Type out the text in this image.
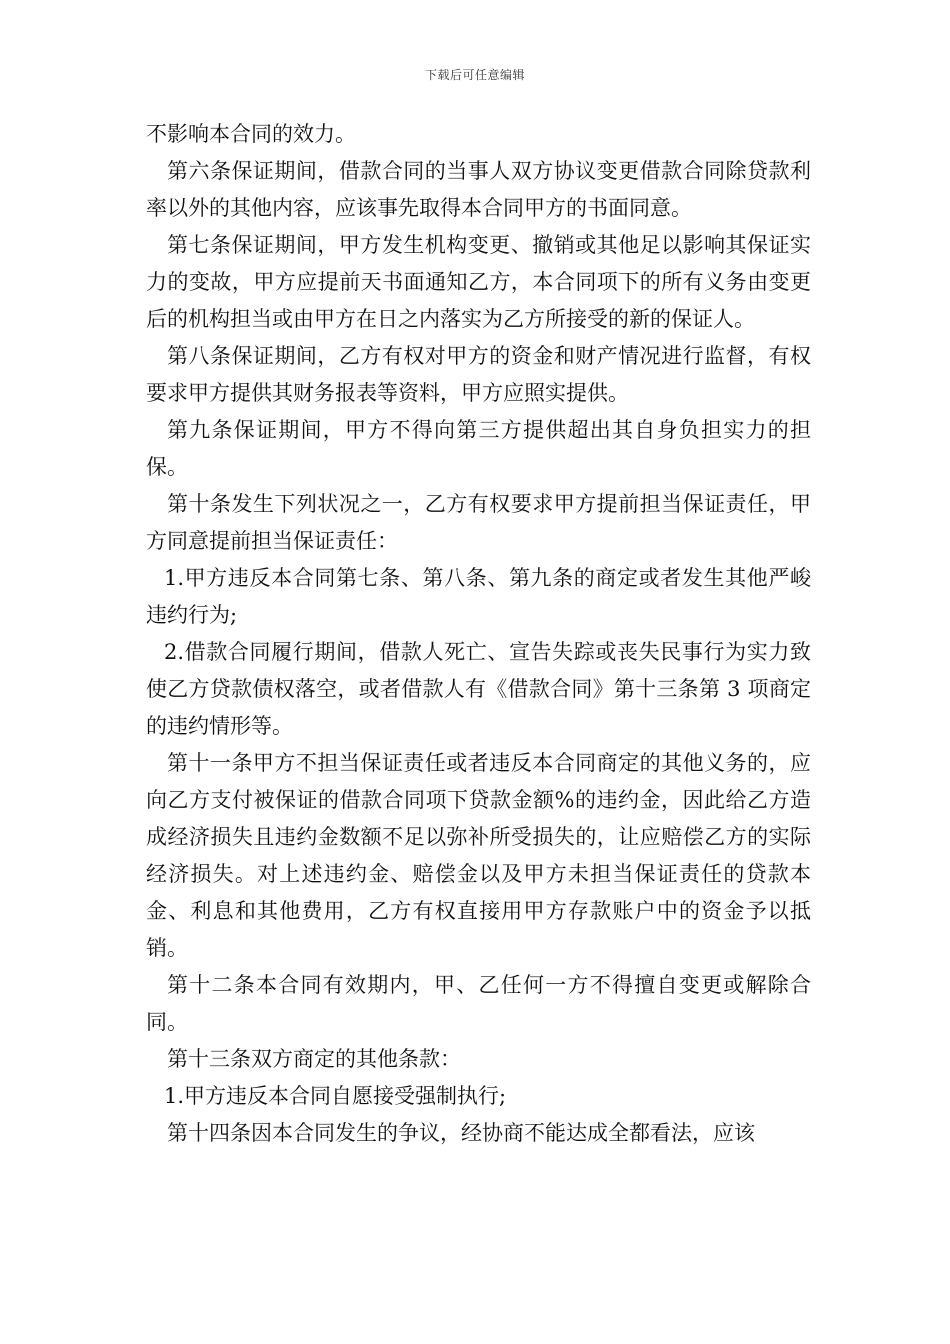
下载后可任意编辑

不影响本合同的效力。

第六条保证期间，借款合同的当事人双方协议变更借款合同除贷款利率以外的其他内容，应该事先取得本合同甲方的书面同意。

第七条保证期间，甲方发生机构变更、撤销或其他足以影响其保证实力的变故，甲方应提前天书面通知乙方，本合同项下的所有义务由变更后的机构担当或由甲方在日之内落实为乙方所接受的新的保证人。

第八条保证期间，乙方有权对甲方的资金和财产情况进行监督，有权要求甲方提供其财务报表等资料，甲方应照实提供。

第九条保证期间，甲方不得向第三方提供超出其自身负担实力的担保。

第十条发生下列状况之一，乙方有权要求甲方提前担当保证责任，甲方同意提前担当保证责任：

1.甲方违反本合同第七条、第八条、第九条的商定或者发生其他严峻违约行为;

2.借款合同履行期间，借款人死亡、宣告失踪或丧失民事行为实力致使乙方贷款债权落空，或者借款人有《借款合同》第十三条第 3 项商定的违约情形等。

第十一条甲方不担当保证责任或者违反本合同商定的其他义务的，应向乙方支付被保证的借款合同项下贷款金额%的违约金，因此给乙方造成经济损失且违约金数额不足以弥补所受损失的，让应赔偿乙方的实际经济损失。对上述违约金、赔偿金以及甲方未担当保证责任的贷款本金、利息和其他费用，乙方有权直接用甲方存款账户中的资金予以抵销。

第十二条本合同有效期内，甲、乙任何一方不得擅自变更或解除合同。

第十三条双方商定的其他条款：

1.甲方违反本合同自愿接受强制执行;

第十四条因本合同发生的争议，经协商不能达成全都看法，应该
